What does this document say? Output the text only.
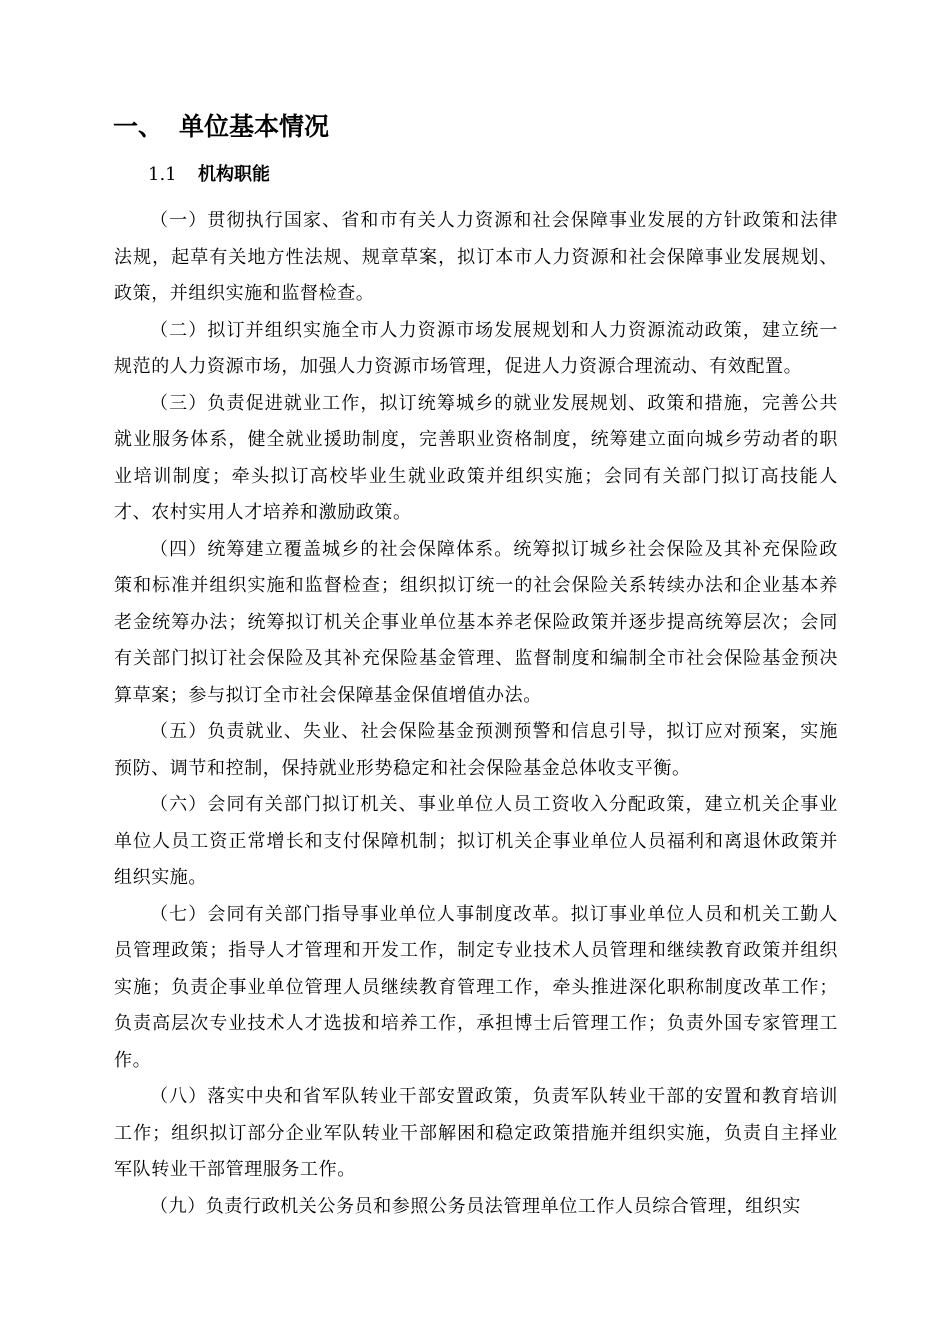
一、 单位基本情况
1.1 机构职能

（一）贯彻执行国家、省和市有关人力资源和社会保障事业发展的方针政策和法律法规，起草有关地方性法规、规章草案，拟订本市人力资源和社会保障事业发展规划、政策，并组织实施和监督检查。

（二）拟订并组织实施全市人力资源市场发展规划和人力资源流动政策，建立统一规范的人力资源市场，加强人力资源市场管理，促进人力资源合理流动、有效配置。

（三）负责促进就业工作，拟订统筹城乡的就业发展规划、政策和措施，完善公共就业服务体系，健全就业援助制度，完善职业资格制度，统筹建立面向城乡劳动者的职业培训制度；牵头拟订高校毕业生就业政策并组织实施；会同有关部门拟订高技能人才、农村实用人才培养和激励政策。

（四）统筹建立覆盖城乡的社会保障体系。统筹拟订城乡社会保险及其补充保险政策和标准并组织实施和监督检查；组织拟订统一的社会保险关系转续办法和企业基本养老金统筹办法；统筹拟订机关企事业单位基本养老保险政策并逐步提高统筹层次；会同有关部门拟订社会保险及其补充保险基金管理、监督制度和编制全市社会保险基金预决算草案；参与拟订全市社会保障基金保值增值办法。

（五）负责就业、失业、社会保险基金预测预警和信息引导，拟订应对预案，实施预防、调节和控制，保持就业形势稳定和社会保险基金总体收支平衡。

（六）会同有关部门拟订机关、事业单位人员工资收入分配政策，建立机关企事业单位人员工资正常增长和支付保障机制；拟订机关企事业单位人员福利和离退休政策并组织实施。

（七）会同有关部门指导事业单位人事制度改革。拟订事业单位人员和机关工勤人员管理政策；指导人才管理和开发工作，制定专业技术人员管理和继续教育政策并组织实施；负责企事业单位管理人员继续教育管理工作，牵头推进深化职称制度改革工作；负责高层次专业技术人才选拔和培养工作，承担博士后管理工作；负责外国专家管理工作。

（八）落实中央和省军队转业干部安置政策，负责军队转业干部的安置和教育培训工作；组织拟订部分企业军队转业干部解困和稳定政策措施并组织实施，负责自主择业军队转业干部管理服务工作。

（九）负责行政机关公务员和参照公务员法管理单位工作人员综合管理，组织实
